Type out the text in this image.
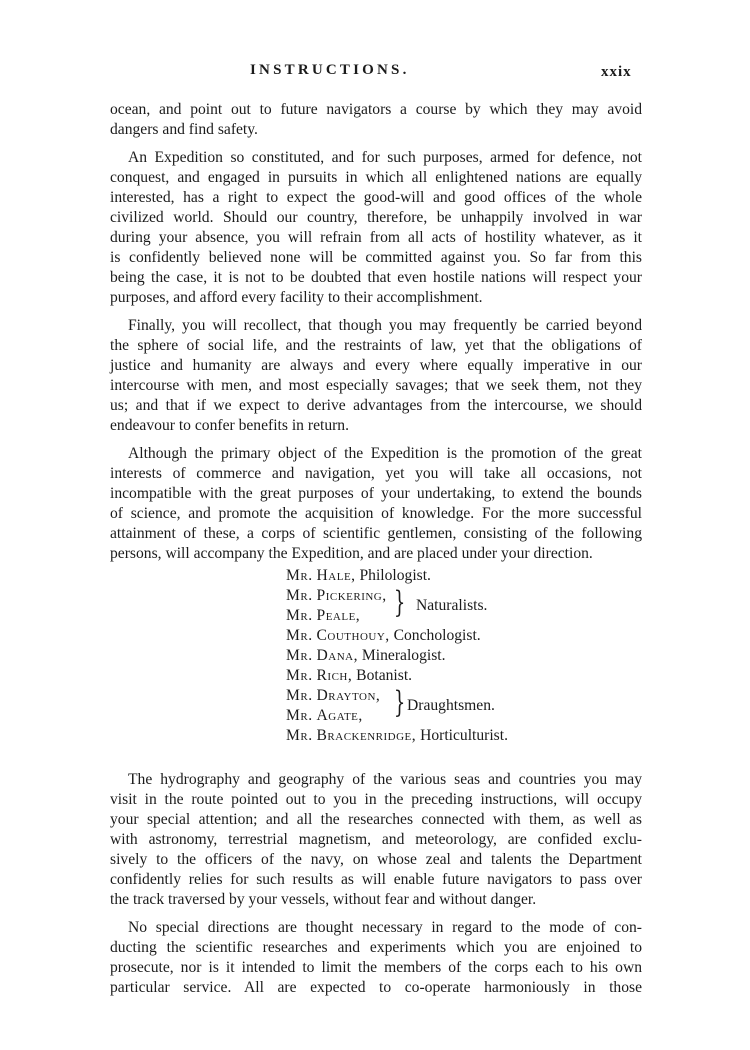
INSTRUCTIONS.	xxix
ocean, and point out to future navigators a course by which they may avoid
dangers and find safety.
An Expedition so constituted, and for such purposes, armed for defence, not
conquest, and engaged in pursuits in which all enlightened nations are equally
interested, has a right to expect the good-will and good offices of the whole
civilized world. Should our country, therefore, be unhappily involved in war
during your absence, you will refrain from all acts of hostility whatever, as it
is confidently believed none will be committed against you. So far from this
being the case, it is not to be doubted that even hostile nations will respect your
purposes, and afford every facility to their accomplishment.
Finally, you will recollect, that though you may frequently be carried beyond
the sphere of social life, and the restraints of law, yet that the obligations of
justice and humanity are always and every where equally imperative in our
intercourse with men, and most especially savages; that we seek them, not they
us; and that if we expect to derive advantages from the intercourse, we should
endeavour to confer benefits in return.
Although the primary object of the Expedition is the promotion of the great
interests of commerce and navigation, yet you will take all occasions, not
incompatible with the great purposes of your undertaking, to extend the bounds
of science, and promote the acquisition of knowledge. For the more successful
attainment of these, a corps of scientific gentlemen, consisting of the following
persons, will accompany the Expedition, and are placed under your direction.
Mr. Hale, Philologist.
Mr. Pickering,
Mr. Peale,	} Naturalists.
Mr. Couthouy, Conchologist.
Mr. Dana, Mineralogist.
Mr. Rich, Botanist.
Mr. Drayton,
Mr. Agate,	} Draughtsmen.
Mr. Brackenridge, Horticulturist.
The hydrography and geography of the various seas and countries you may
visit in the route pointed out to you in the preceding instructions, will occupy
your special attention; and all the researches connected with them, as well as
with astronomy, terrestrial magnetism, and meteorology, are confided exclu-
sively to the officers of the navy, on whose zeal and talents the Department
confidently relies for such results as will enable future navigators to pass over
the track traversed by your vessels, without fear and without danger.
No special directions are thought necessary in regard to the mode of con-
ducting the scientific researches and experiments which you are enjoined to
prosecute, nor is it intended to limit the members of the corps each to his own
particular service. All are expected to co-operate harmoniously in those
